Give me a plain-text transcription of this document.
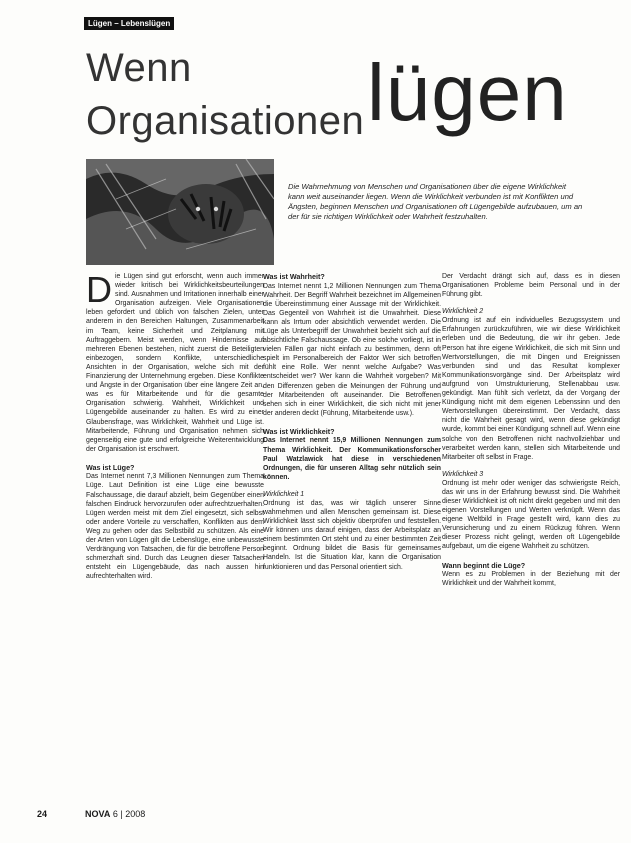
Lügen – Lebenslügen
Wenn
Organisationen lügen
Die Wahrnehmung von Menschen und Organisationen über die eigene Wirklichkeit kann weit auseinander liegen. Wenn die Wirklichkeit verbunden ist mit Konflikten und Ängsten, beginnen Menschen und Organisationen oft Lügengebilde aufzubauen, um an der für sie richtigen Wirklichkeit oder Wahrheit festzuhalten.

Die Lügen sind gut erforscht, wenn auch immer wieder kritisch bei Wirklichkeitsbeurteilungen sind. Ausnahmen und Irritationen innerhalb einer Organisation aufzeigen. Viele Organisationen leben gefordert und üblich von falschen Zielen, unter anderem in den Bereichen Haltungen, Zusammenarbeit im Team, keine Sicherheit und Zeitplanung mit Auftraggebern. Meist werden, wenn Hindernisse auf mehreren Ebenen bestehen, nicht zuerst die Beteiligten einbezogen, sondern Konflikte, unterschiedliche Ansichten in der Organisation, welche sich mit der Finanzierung der Unternehmung ergeben. Diese Konflikte und Ängste in der Organisation über eine längere Zeit an, was es für Mitarbeitende und für die gesamte Organisation schwierig. Wahrheit, Wirklichkeit und Lügengebilde auseinander zu halten. Es wird zu einer Glaubensfrage, was Wirklichkeit, Wahrheit und Lüge ist. Mitarbeitende, Führung und Organisation nehmen sich gegenseitig eine gute und erfolgreiche Weiterentwicklung der Organisation ist erschwert.

Was ist Lüge?

Das Internet nennt 7,3 Millionen Nennungen zum Thema Lüge. Laut Definition ist eine Lüge eine bewusste Falschaussage, die darauf abzielt, beim Gegenüber einen falschen Eindruck hervorzurufen oder aufrechtzuerhalten. Lügen werden meist mit dem Ziel eingesetzt, sich selbst oder andere Vorteile zu verschaffen, Konflikten aus dem Weg zu gehen oder das Selbstbild zu schützen. Als eine der Arten von Lügen gilt die Lebenslüge, eine unbewusste Verdrängung von Tatsachen, die für die betroffene Person schmerzhaft sind. Durch das Leugnen dieser Tatsachen entsteht ein Lügengebäude, das nach aussen hin aufrechterhalten wird.

Was ist Wahrheit?

Das Internet nennt 1,2 Millionen Nennungen zum Thema Wahrheit. Der Begriff Wahrheit bezeichnet im Allgemeinen die Übereinstimmung einer Aussage mit der Wirklichkeit. Das Gegenteil von Wahrheit ist die Unwahrheit. Diese kann als Irrtum oder absichtlich verwendet werden. Die Lüge als Unterbegriff der Unwahrheit bezieht sich auf die absichtliche Falschaussage. Ob eine solche vorliegt, ist in vielen Fällen gar nicht einfach zu bestimmen, denn oft spielt im Personalbereich der Faktor Wer sich betroffen fühlt eine Rolle. Wer nennt welche Aufgabe? Was entscheidet wer? Wer kann die Wahrheit vorgeben? Mit den Differenzen geben die Meinungen der Führung und der Mitarbeitenden oft auseinander. Die Betroffenen sehen sich in einer Wirklichkeit, die sich nicht mit jener der anderen deckt (Führung, Mitarbeitende usw.).

Was ist Wirklichkeit?

Das Internet nennt 15,9 Millionen Nennungen zum Thema Wirklichkeit. Der Kommunikationsforscher Paul Watzlawick hat diese in verschiedenen Ordnungen, die für unseren Alltag sehr nützlich sein können.

Wirklichkeit 1

Ordnung ist das, was wir täglich unserer Sinne wahrnehmen und allen Menschen gemeinsam ist. Diese Wirklichkeit lässt sich objektiv überprüfen und feststellen. Wir können uns darauf einigen, dass der Arbeitsplatz an einem bestimmten Ort steht und zu einer bestimmten Zeit beginnt. Ordnung bildet die Basis für gemeinsames Handeln. Ist die Situation klar, kann die Organisation funktionieren und das Personal orientiert sich.

Der Verdacht drängt sich auf, dass es in diesen Organisationen Probleme beim Personal und in der Führung gibt.

Wirklichkeit 2

Ordnung ist auf ein individuelles Bezugssystem und Erfahrungen zurückzuführen, wie wir diese Wirklichkeit erleben und die Bedeutung, die wir ihr geben. Jede Person hat ihre eigene Wirklichkeit, die sich mit Sinn und Wertvorstellungen, die mit Dingen und Ereignissen verbunden sind und das Resultat komplexer Kommunikationsvorgänge sind. Der Arbeitsplatz wird aufgrund von Umstrukturierung, Stellenabbau usw. gekündigt. Man fühlt sich verletzt, da der Vorgang der Kündigung nicht mit dem eigenen Lebenssinn und den Wertvorstellungen übereinstimmt. Der Verdacht, dass nicht die Wahrheit gesagt wird, wenn diese gekündigt wurde, kommt bei einer Kündigung schnell auf. Wenn eine solche von den Betroffenen nicht nachvollziehbar und verarbeitet werden kann, stellen sich Mitarbeitende und Mitarbeiter oft selbst in Frage.

Wirklichkeit 3

Ordnung ist mehr oder weniger das schwierigste Reich, das wir uns in der Erfahrung bewusst sind. Die Wahrheit dieser Wirklichkeit ist oft nicht direkt gegeben und mit den eigenen Vorstellungen und Werten verknüpft. Wenn das eigene Weltbild in Frage gestellt wird, kann dies zu Verunsicherung und zu einem Rückzug führen. Wenn dieser Prozess nicht gelingt, werden oft Lügengebilde aufgebaut, um die eigene Wahrheit zu schützen.

Wann beginnt die Lüge?

Wenn es zu Problemen in der Beziehung mit der Wirklichkeit und der Wahrheit kommt,

24	NOVA 6 | 2008
